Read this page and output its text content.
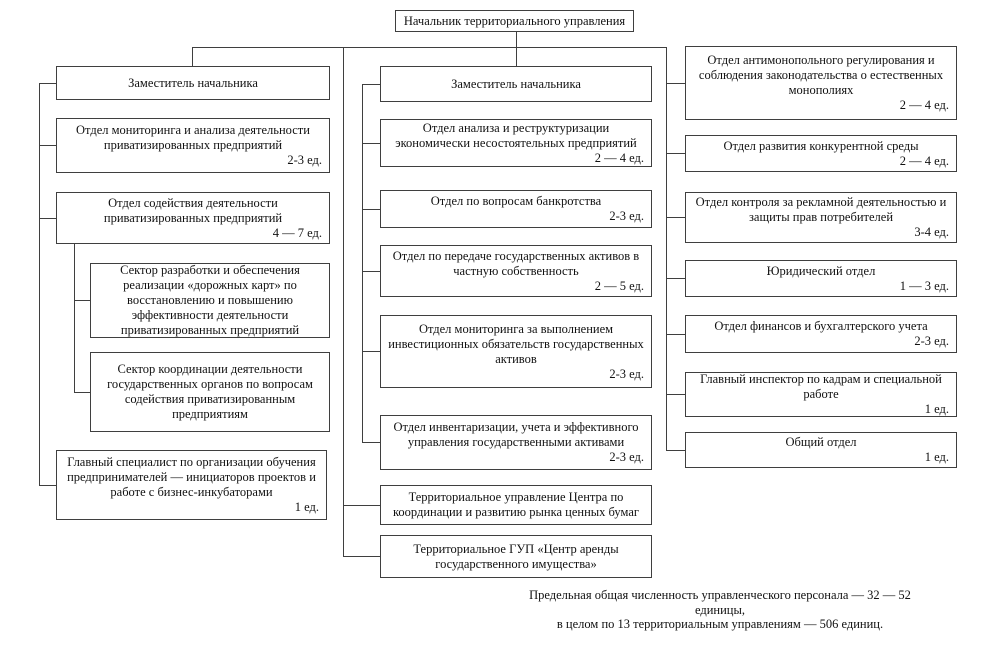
Начальник территориального управления
Заместитель начальника
Отдел мониторинга и анализа деятельности приватизированных предприятий
2-3 ед.
Отдел содействия деятельности приватизированных предприятий
4 — 7 ед.
Сектор разработки и обеспечения реализации «дорожных карт» по восстановлению и повышению эффективности деятельности приватизированных предприятий
Сектор координации деятельности государственных органов по вопросам содействия приватизированным предприятиям
Главный специалист по организации обучения предпринимателей — инициаторов проектов и работе с бизнес-инкубаторами
1 ед.
Заместитель начальника
Отдел анализа и реструктуризации экономически несостоятельных предприятий
2 — 4 ед.
Отдел по вопросам банкротства
2-3 ед.
Отдел по передаче государственных активов в частную собственность
2 — 5 ед.
Отдел мониторинга за выполнением инвестиционных обязательств государственных активов
2-3 ед.
Отдел инвентаризации, учета и эффективного управления государственными активами
2-3 ед.
Территориальное управление Центра по координации и развитию рынка ценных бумаг
Территориальное ГУП «Центр аренды государственного имущества»
Отдел антимонопольного регулирования и соблюдения законодательства о естественных монополиях
2 — 4 ед.
Отдел развития конкурентной среды
2 — 4 ед.
Отдел контроля за рекламной деятельностью и защиты прав потребителей
3-4 ед.
Юридический отдел
1 — 3 ед.
Отдел финансов и бухгалтерского учета
2-3 ед.
Главный инспектор по кадрам и специальной работе
1 ед.
Общий отдел
1 ед.
Предельная общая численность управленческого персонала — 32 — 52
единицы,
в целом по 13 территориальным управлениям — 506 единиц.
